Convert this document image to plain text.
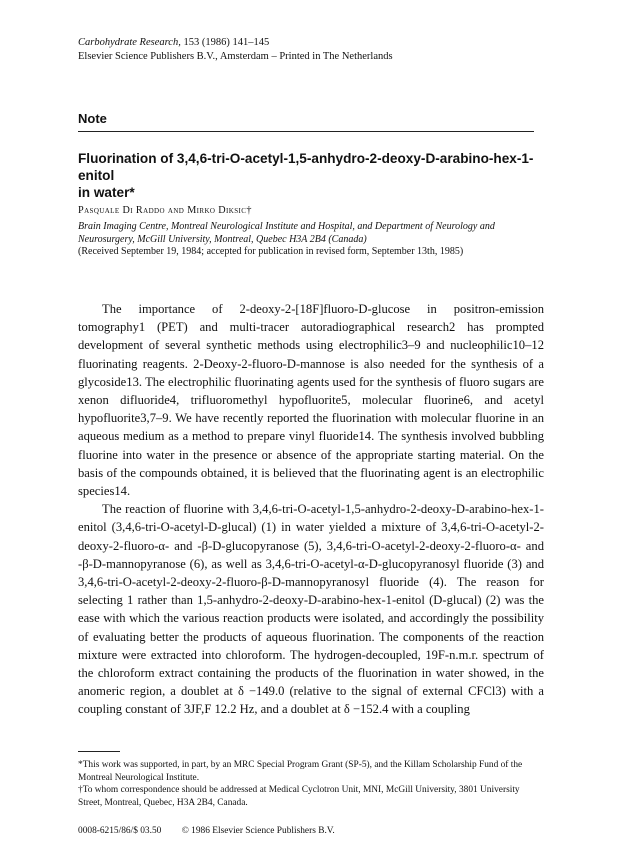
Carbohydrate Research, 153 (1986) 141–145
Elsevier Science Publishers B.V., Amsterdam – Printed in The Netherlands
Note
Fluorination of 3,4,6-tri-O-acetyl-1,5-anhydro-2-deoxy-D-arabino-hex-1-enitol
in water*
Pasquale Di Raddo and Mirko Diksic†
Brain Imaging Centre, Montreal Neurological Institute and Hospital, and Department of Neurology and Neurosurgery, McGill University, Montreal, Quebec H3A 2B4 (Canada)
(Received September 19, 1984; accepted for publication in revised form, September 13th, 1985)

The importance of 2-deoxy-2-[18F]fluoro-D-glucose in positron-emission tomography1 (PET) and multi-tracer autoradiographical research2 has prompted development of several synthetic methods using electrophilic3–9 and nucleophilic10–12 fluorinating reagents. 2-Deoxy-2-fluoro-D-mannose is also needed for the synthesis of a glycoside13. The electrophilic fluorinating agents used for the synthesis of fluoro sugars are xenon difluoride4, trifluoromethyl hypofluorite5, molecular fluorine6, and acetyl hypofluorite3,7–9. We have recently reported the fluorination with molecular fluorine in an aqueous medium as a method to prepare vinyl fluoride14. The synthesis involved bubbling fluorine into water in the presence or absence of the appropriate starting material. On the basis of the compounds obtained, it is believed that the fluorinating agent is an electrophilic species14.

The reaction of fluorine with 3,4,6-tri-O-acetyl-1,5-anhydro-2-deoxy-D-arabino-hex-1-enitol (3,4,6-tri-O-acetyl-D-glucal) (1) in water yielded a mixture of 3,4,6-tri-O-acetyl-2-deoxy-2-fluoro-α- and -β-D-glucopyranose (5), 3,4,6-tri-O-acetyl-2-deoxy-2-fluoro-α- and -β-D-mannopyranose (6), as well as 3,4,6-tri-O-acetyl-α-D-glucopyranosyl fluoride (3) and 3,4,6-tri-O-acetyl-2-deoxy-2-fluoro-β-D-mannopyranosyl fluoride (4). The reason for selecting 1 rather than 1,5-anhydro-2-deoxy-D-arabino-hex-1-enitol (D-glucal) (2) was the ease with which the various reaction products were isolated, and accordingly the possibility of evaluating better the products of aqueous fluorination. The components of the reaction mixture were extracted into chloroform. The hydrogen-decoupled, 19F-n.m.r. spectrum of the chloroform extract containing the products of the fluorination in water showed, in the anomeric region, a doublet at δ −149.0 (relative to the signal of external CFCl3) with a coupling constant of 3JF,F 12.2 Hz, and a doublet at δ −152.4 with a coupling

*This work was supported, in part, by an MRC Special Program Grant (SP-5), and the Killam Scholarship Fund of the Montreal Neurological Institute.
†To whom correspondence should be addressed at Medical Cyclotron Unit, MNI, McGill University, 3801 University Street, Montreal, Quebec, H3A 2B4, Canada.
0008-6215/86/$ 03.50 © 1986 Elsevier Science Publishers B.V.
